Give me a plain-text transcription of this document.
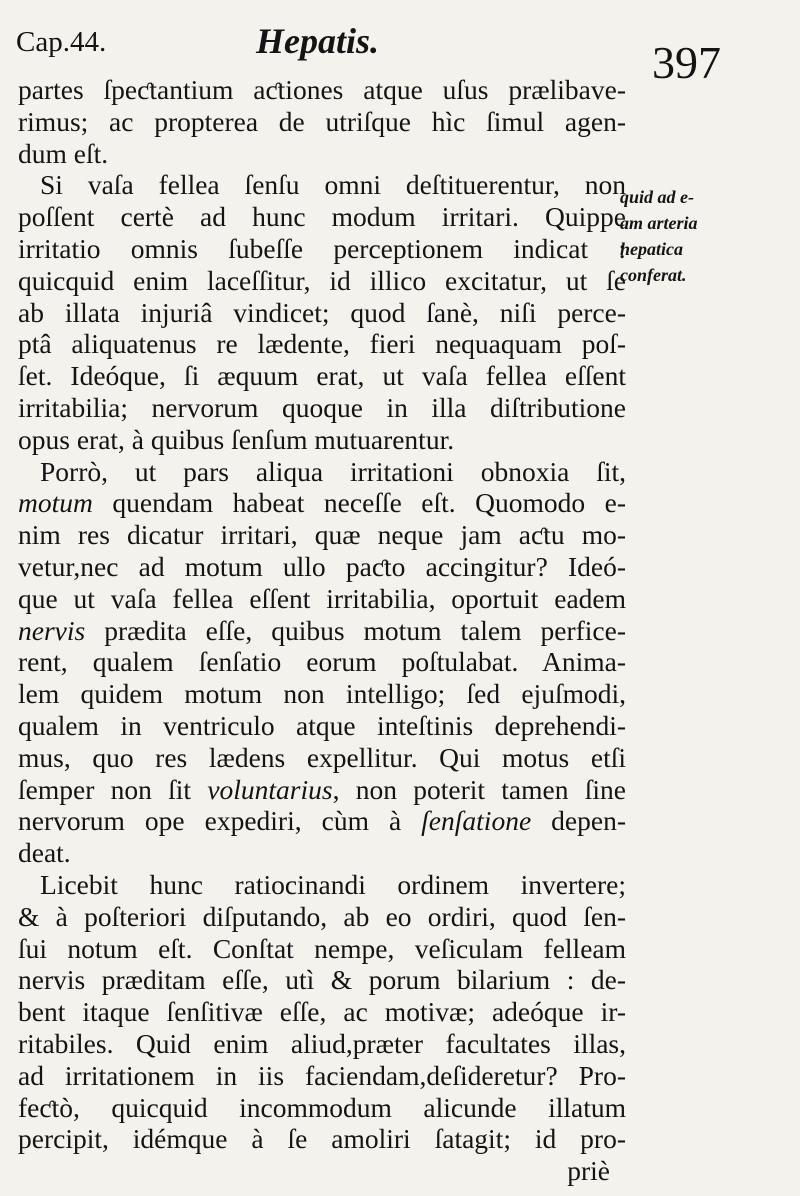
Cap.44.	Hepatis.	397
quid ad e-
am arteria
hepatica
conferat.
partes ſpeƈtantium aƈtiones atque uſus prælibave-
rimus; ac propterea de utriſque hìc ſimul agen-
dum eſt.
Si vaſa fellea ſenſu omni deſtituerentur, non
poſſent certè ad hunc modum irritari. Quippe
irritatio omnis ſubeſſe perceptionem indicat :
quicquid enim laceſſitur, id illico excitatur, ut ſe
ab illata injuriâ vindicet; quod ſanè, niſi perce-
ptâ aliquatenus re lædente, fieri nequaquam poſ-
ſet. Ideóque, ſi æquum erat, ut vaſa fellea eſſent
irritabilia; nervorum quoque in illa diſtributione
opus erat, à quibus ſenſum mutuarentur.
Porrò, ut pars aliqua irritationi obnoxia ſit,
motum quendam habeat neceſſe eſt. Quomodo e-
nim res dicatur irritari, quæ neque jam aƈtu mo-
vetur,nec ad motum ullo paƈto accingitur? Ideó-
que ut vaſa fellea eſſent irritabilia, oportuit eadem
nervis prædita eſſe, quibus motum talem perfice-
rent, qualem ſenſatio eorum poſtulabat. Anima-
lem quidem motum non intelligo; ſed ejuſmodi,
qualem in ventriculo atque inteſtinis deprehendi-
mus, quo res lædens expellitur. Qui motus etſi
ſemper non ſit voluntarius, non poterit tamen ſine
nervorum ope expediri, cùm à ſenſatione depen-
deat.
Licebit hunc ratiocinandi ordinem invertere;
& à poſteriori diſputando, ab eo ordiri, quod ſen-
ſui notum eſt. Conſtat nempe, veſiculam felleam
nervis præditam eſſe, utì & porum bilarium : de-
bent itaque ſenſitivæ eſſe, ac motivæ; adeóque ir-
ritabiles. Quid enim aliud,præter facultates illas,
ad irritationem in iis faciendam,deſideretur? Pro-
feƈtò, quicquid incommodum alicunde illatum
percipit, idémque à ſe amoliri ſatagit; id pro-
priè
